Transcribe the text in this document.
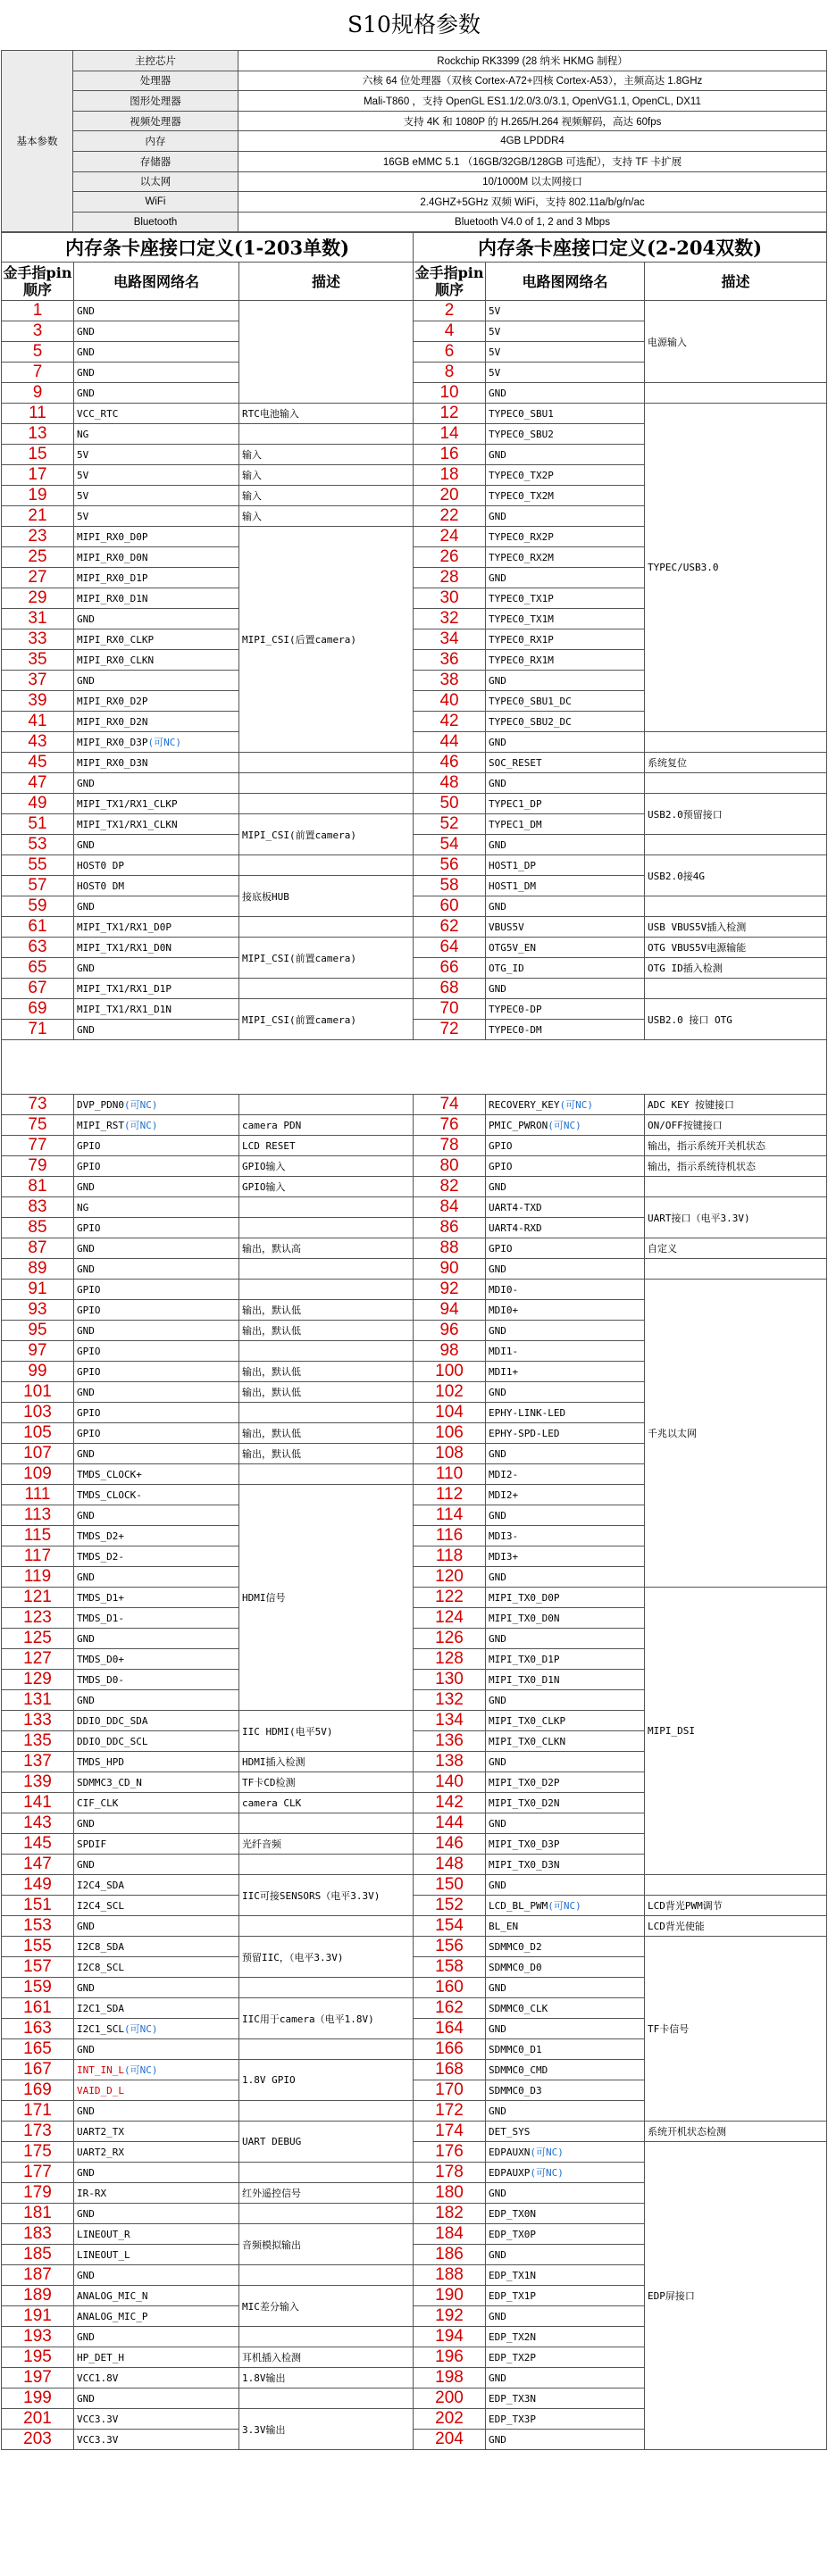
S10规格参数
基本参数	主控芯片	Rockchip RK3399 (28 纳米 HKMG 制程）
	处理器	六核 64 位处理器（双核 Cortex-A72+四核 Cortex-A53），主频高达 1.8GHz
	图形处理器	Mali-T860 ，支持 OpenGL ES1.1/2.0/3.0/3.1, OpenVG1.1, OpenCL, DX11
	视频处理器	支持 4K 和 1080P 的 H.265/H.264 视频解码，高达 60fps
	内存	4GB LPDDR4
	存储器	16GB eMMC 5.1 （16GB/32GB/128GB 可选配），支持 TF 卡扩展
	以太网	10/1000M 以太网接口
	WiFi	2.4GHZ+5GHz 双频 WiFi，支持 802.11a/b/g/n/ac
	Bluetooth	Bluetooth V4.0 of 1, 2 and 3 Mbps
内存条卡座接口定义(1-203单数)			内存条卡座接口定义(2-204双数)		
金手指pin顺序	电路图网络名	描述	金手指pin顺序	电路图网络名	描述
1	GND		2	5V	电源输入
3	GND		4	5V	
5	GND		6	5V	
7	GND		8	5V	
9	GND		10	GND	
11	VCC_RTC	RTC电池输入	12	TYPEC0_SBU1	TYPEC/USB3.0
13	NG		14	TYPEC0_SBU2	
15	5V	输入	16	GND	
17	5V	输入	18	TYPEC0_TX2P	
19	5V	输入	20	TYPEC0_TX2M	
21	5V	输入	22	GND	
23	MIPI_RX0_D0P	MIPI_CSI(后置camera)	24	TYPEC0_RX2P	
25	MIPI_RX0_D0N		26	TYPEC0_RX2M	
27	MIPI_RX0_D1P		28	GND	
29	MIPI_RX0_D1N		30	TYPEC0_TX1P	
31	GND		32	TYPEC0_TX1M	
33	MIPI_RX0_CLKP		34	TYPEC0_RX1P	
35	MIPI_RX0_CLKN		36	TYPEC0_RX1M	
37	GND		38	GND	
39	MIPI_RX0_D2P		40	TYPEC0_SBU1_DC	
41	MIPI_RX0_D2N		42	TYPEC0_SBU2_DC	
43	MIPI_RX0_D3P(可NC)		44	GND	
45	MIPI_RX0_D3N		46	SOC_RESET	系统复位
47	GND		48	GND	
49	MIPI_TX1/RX1_CLKP		50	TYPEC1_DP	USB2.0预留接口
51	MIPI_TX1/RX1_CLKN	MIPI_CSI(前置camera)	52	TYPEC1_DM	
53	GND		54	GND	
55	HOST0 DP		56	HOST1_DP	USB2.0接4G
57	HOST0 DM	接底板HUB	58	HOST1_DM	
59	GND		60	GND	
61	MIPI_TX1/RX1_D0P		62	VBUS5V	USB VBUS5V插入检测
63	MIPI_TX1/RX1_D0N	MIPI_CSI(前置camera)	64	OTG5V_EN	OTG VBUS5V电源输能
65	GND		66	OTG_ID	OTG ID插入检测
67	MIPI_TX1/RX1_D1P		68	GND	
69	MIPI_TX1/RX1_D1N	MIPI_CSI(前置camera)	70	TYPEC0-DP	USB2.0 接口 OTG
71	GND		72	TYPEC0-DM	

73	DVP_PDN0(可NC)		74	RECOVERY_KEY(可NC)	ADC KEY 按键接口
75	MIPI_RST(可NC)	camera PDN	76	PMIC_PWRON(可NC)	ON/OFF按键接口
77	GPIO	LCD RESET	78	GPIO	输出，指示系统开关机状态
79	GPIO	GPIO输入	80	GPIO	输出，指示系统待机状态
81	GND	GPIO输入	82	GND	
83	NG		84	UART4-TXD	UART接口（电平3.3V)
85	GPIO		86	UART4-RXD	
87	GND	输出，默认高	88	GPIO	自定义
89	GND		90	GND	
91	GPIO		92	MDI0-	千兆以太网
93	GPIO	输出，默认低	94	MDI0+	
95	GND	输出，默认低	96	GND	
97	GPIO		98	MDI1-	
99	GPIO	输出，默认低	100	MDI1+	
101	GND	输出，默认低	102	GND	
103	GPIO		104	EPHY-LINK-LED	
105	GPIO	输出，默认低	106	EPHY-SPD-LED	
107	GND	输出，默认低	108	GND	
109	TMDS_CLOCK+		110	MDI2-	
111	TMDS_CLOCK-	HDMI信号	112	MDI2+	
113	GND		114	GND	
115	TMDS_D2+		116	MDI3-	
117	TMDS_D2-		118	MDI3+	
119	GND		120	GND	
121	TMDS_D1+		122	MIPI_TX0_D0P	MIPI_DSI
123	TMDS_D1-		124	MIPI_TX0_D0N	
125	GND		126	GND	
127	TMDS_D0+		128	MIPI_TX0_D1P	
129	TMDS_D0-		130	MIPI_TX0_D1N	
131	GND		132	GND	
133	DDIO_DDC_SDA	IIC HDMI(电平5V)	134	MIPI_TX0_CLKP	
135	DDIO_DDC_SCL		136	MIPI_TX0_CLKN	
137	TMDS_HPD	HDMI插入检测	138	GND	
139	SDMMC3_CD_N	TF卡CD检测	140	MIPI_TX0_D2P	
141	CIF_CLK	camera CLK	142	MIPI_TX0_D2N	
143	GND		144	GND	
145	SPDIF	光纤音频	146	MIPI_TX0_D3P	
147	GND		148	MIPI_TX0_D3N	
149	I2C4_SDA	IIC可接SENSORS（电平3.3V)	150	GND	
151	I2C4_SCL		152	LCD_BL_PWM(可NC)	LCD背光PWM调节
153	GND		154	BL_EN	LCD背光使能
155	I2C8_SDA	预留IIC，（电平3.3V)	156	SDMMC0_D2	TF卡信号
157	I2C8_SCL		158	SDMMC0_D0	
159	GND		160	GND	
161	I2C1_SDA	IIC用于camera（电平1.8V)	162	SDMMC0_CLK	
163	I2C1_SCL(可NC)		164	GND	
165	GND		166	SDMMC0_D1	
167	INT_IN_L(可NC)	1.8V GPIO	168	SDMMC0_CMD	
169	VAID_D_L		170	SDMMC0_D3	
171	GND		172	GND	
173	UART2_TX	UART DEBUG	174	DET_SYS	系统开机状态检测
175	UART2_RX		176	EDPAUXN(可NC)	EDP屏接口
177	GND		178	EDPAUXP(可NC)	
179	IR-RX	红外遥控信号	180	GND	
181	GND		182	EDP_TX0N	
183	LINEOUT_R	音频模拟输出	184	EDP_TX0P	
185	LINEOUT_L		186	GND	
187	GND		188	EDP_TX1N	
189	ANALOG_MIC_N	MIC差分输入	190	EDP_TX1P	
191	ANALOG_MIC_P		192	GND	
193	GND		194	EDP_TX2N	
195	HP_DET_H	耳机插入检测	196	EDP_TX2P	
197	VCC1.8V	1.8V输出	198	GND	
199	GND		200	EDP_TX3N	
201	VCC3.3V	3.3V输出	202	EDP_TX3P	
203	VCC3.3V		204	GND	
